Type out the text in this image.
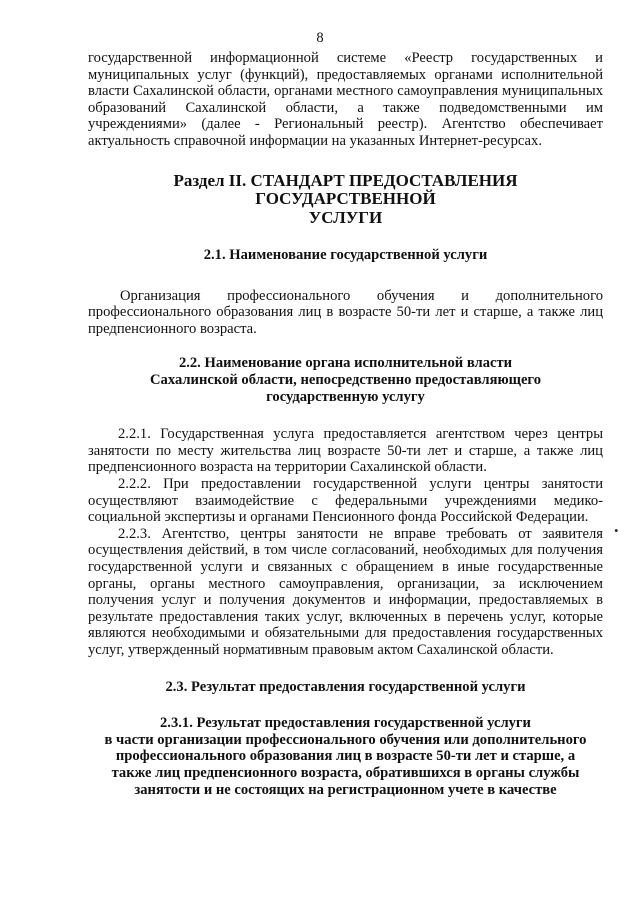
8

государственной информационной системе «Реестр государственных и муниципальных услуг (функций), предоставляемых органами исполнительной власти Сахалинской области, органами местного самоуправления муниципальных образований Сахалинской области, а также подведомственными им учреждениями» (далее - Региональный реестр). Агентство обеспечивает актуальность справочной информации на указанных Интернет-ресурсах.

Раздел II. СТАНДАРТ ПРЕДОСТАВЛЕНИЯ ГОСУДАРСТВЕННОЙ
УСЛУГИ
2.1. Наименование государственной услуги

Организация профессионального обучения и дополнительного профессионального образования лиц в возрасте 50-ти лет и старше, а также лиц предпенсионного возраста.

2.2. Наименование органа исполнительной власти
Сахалинской области, непосредственно предоставляющего
государственную услугу

2.2.1. Государственная услуга предоставляется агентством через центры занятости по месту жительства лиц возрасте 50-ти лет и старше, а также лиц предпенсионного возраста на территории Сахалинской области.

2.2.2. При предоставлении государственной услуги центры занятости осуществляют взаимодействие с федеральными учреждениями медико-социальной экспертизы и органами Пенсионного фонда Российской Федерации.

2.2.3. Агентство, центры занятости не вправе требовать от заявителя осуществления действий, в том числе согласований, необходимых для получения государственной услуги и связанных с обращением в иные государственные органы, органы местного самоуправления, организации, за исключением получения услуг и получения документов и информации, предоставляемых в результате предоставления таких услуг, включенных в перечень услуг, которые являются необходимыми и обязательными для предоставления государственных услуг, утвержденный нормативным правовым актом Сахалинской области.

2.3. Результат предоставления государственной услуги
2.3.1. Результат предоставления государственной услуги
в части организации профессионального обучения или дополнительного
профессионального образования лиц в возрасте 50-ти лет и старше, а
также лиц предпенсионного возраста, обратившихся в органы службы
занятости и не состоящих на регистрационном учете в качестве
•
